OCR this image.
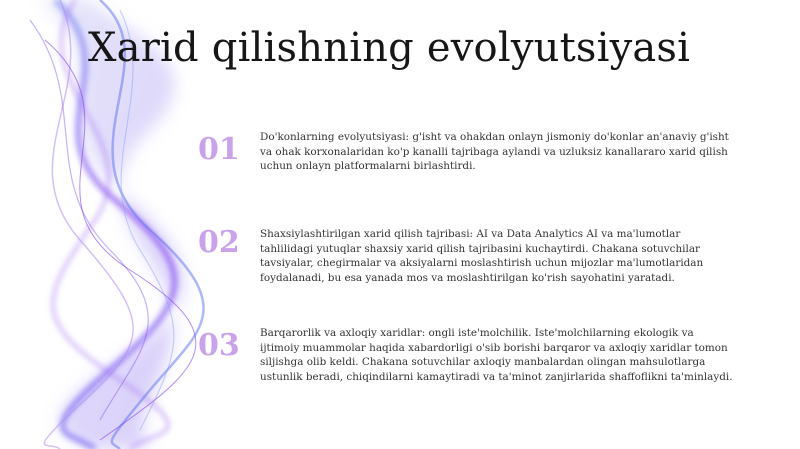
Xarid qilishning evolyutsiyasi
01	Do'konlarning evolyutsiyasi: g'isht va ohakdan onlayn jismoniy do'konlar an'anaviy g'isht va ohak korxonalaridan ko'p kanalli tajribaga aylandi va uzluksiz kanallararo xarid qilish uchun onlayn platformalarni birlashtirdi.
02	Shaxsiylashtirilgan xarid qilish tajribasi: AI va Data Analytics AI va ma'lumotlar tahlilidagi yutuqlar shaxsiy xarid qilish tajribasini kuchaytirdi. Chakana sotuvchilar tavsiyalar, chegirmalar va aksiyalarni moslashtirish uchun mijozlar ma'lumotlaridan foydalanadi, bu esa yanada mos va moslashtirilgan ko'rish sayohatini yaratadi.
03	Barqarorlik va axloqiy xaridlar: ongli iste'molchilik. Iste'molchilarning ekologik va ijtimoiy muammolar haqida xabardorligi o'sib borishi barqaror va axloqiy xaridlar tomon siljishga olib keldi. Chakana sotuvchilar axloqiy manbalardan olingan mahsulotlarga ustunlik beradi, chiqindilarni kamaytiradi va ta'minot zanjirlarida shaffoflikni ta'minlaydi.
